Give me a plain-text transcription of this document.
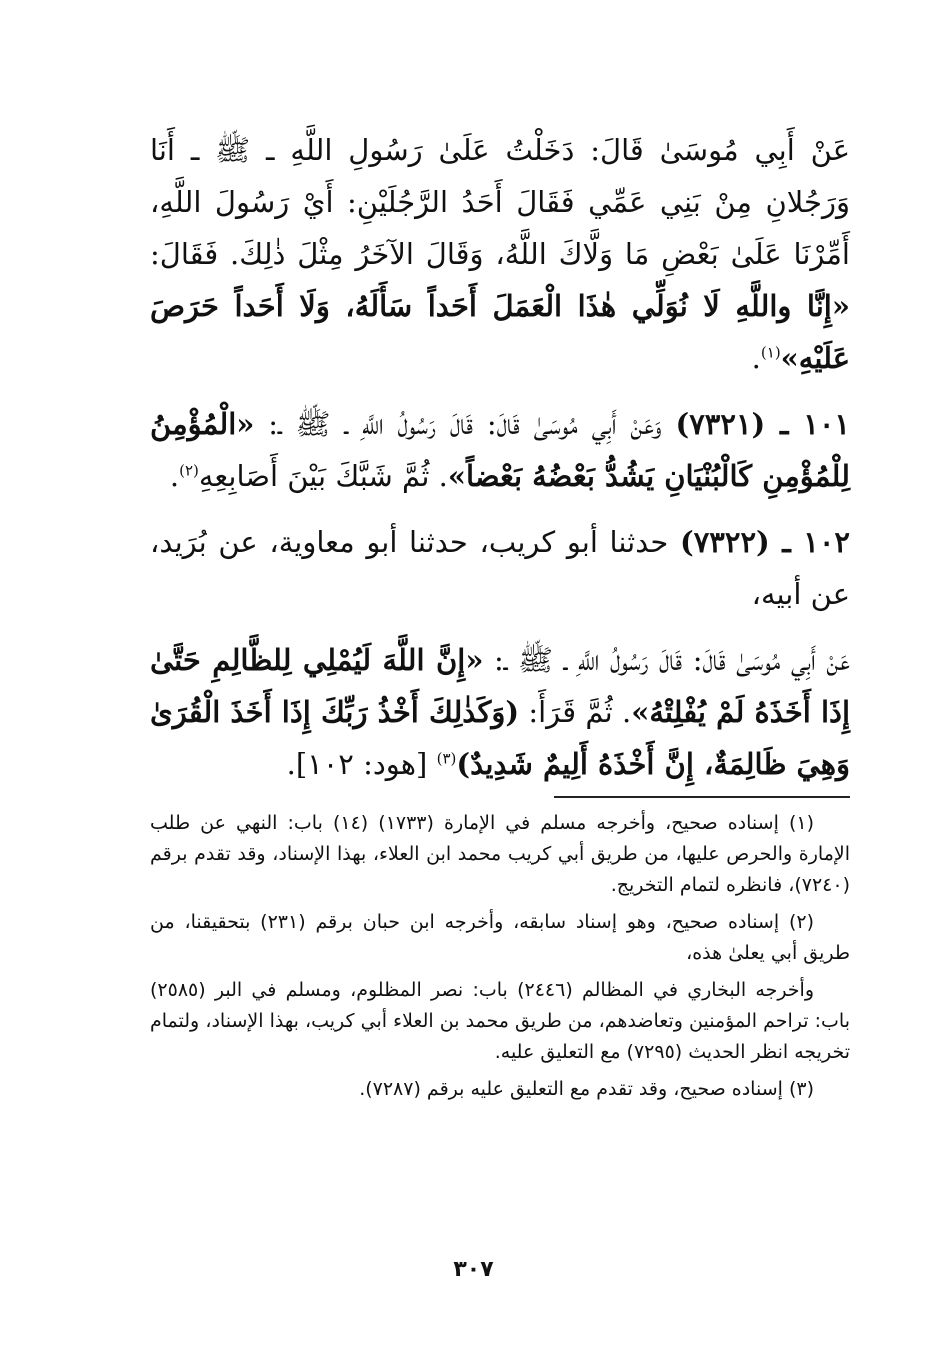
عَنْ أَبِي مُوسَىٰ قَالَ: دَخَلْتُ عَلَىٰ رَسُولِ اللَّهِ ـ ﷺ ـ أَنَا وَرَجُلانِ مِنْ بَنِي عَمِّي فَقَالَ أَحَدُ الرَّجُلَيْنِ: أَيْ رَسُولَ اللَّهِ، أَمِّرْنَا عَلَىٰ بَعْضِ مَا وَلَّاكَ اللَّهُ، وَقَالَ الآخَرُ مِثْلَ ذٰلِكَ. فَقَالَ: «إِنَّا واللَّهِ لَا نُوَلِّي هٰذَا الْعَمَلَ أَحَداً سَأَلَهُ، وَلَا أَحَداً حَرَصَ عَلَيْهِ»$^{(١)}$.

١٠١ ـ (٧٣٢١) وَعَنْ أَبِي مُوسَىٰ قَالَ: قَالَ رَسُولُ اللَّهِ ـ ﷺ ـ: «الْمُؤْمِنُ لِلْمُؤْمِنِ كَالْبُنْيَانِ يَشُدُّ بَعْضُهُ بَعْضاً». ثُمَّ شَبَّكَ بَيْنَ أَصَابِعِهِ$^{(٢)}$.

١٠٢ ـ (٧٣٢٢) حدثنا أبو كريب، حدثنا أبو معاوية، عن بُرَيد، عن أبيه،

عَنْ أَبِي مُوسَىٰ قَالَ: قَالَ رَسُولُ اللَّهِ ـ ﷺ ـ: «إِنَّ اللَّهَ لَيُمْلِي لِلظَّالِمِ حَتَّىٰ إِذَا أَخَذَهُ لَمْ يُفْلِتْهُ». ثُمَّ قَرَأَ: (وَكَذٰلِكَ أَخْذُ رَبِّكَ إِذَا أَخَذَ الْقُرَىٰ وَهِيَ ظَالِمَةٌ، إِنَّ أَخْذَهُ أَلِيمٌ شَدِيدٌ)$^{(٣)}$ [هود: ١٠٢].

(١) إسناده صحيح، وأخرجه مسلم في الإمارة (١٧٣٣) (١٤) باب: النهي عن طلب الإمارة والحرص عليها، من طريق أبي كريب محمد ابن العلاء، بهذا الإسناد، وقد تقدم برقم (٧٢٤٠)، فانظره لتمام التخريج.

(٢) إسناده صحيح، وهو إسناد سابقه، وأخرجه ابن حبان برقم (٢٣١) بتحقيقنا، من طريق أبي يعلىٰ هذه،

وأخرجه البخاري في المظالم (٢٤٤٦) باب: نصر المظلوم، ومسلم في البر (٢٥٨٥) باب: تراحم المؤمنين وتعاضدهم، من طريق محمد بن العلاء أبي كريب، بهذا الإسناد، ولتمام تخريجه انظر الحديث (٧٢٩٥) مع التعليق عليه.

(٣) إسناده صحيح، وقد تقدم مع التعليق عليه برقم (٧٢٨٧).

٣٠٧
